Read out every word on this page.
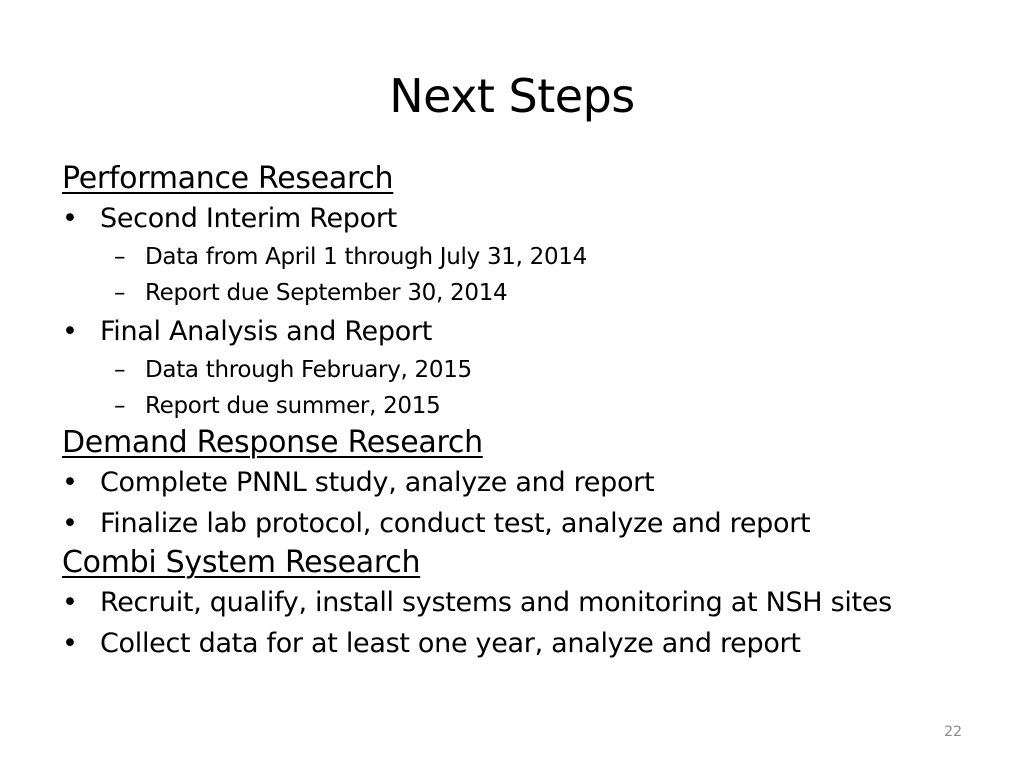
Next Steps
Performance Research
• Second Interim Report
– Data from April 1 through July 31, 2014
– Report due September 30, 2014
• Final Analysis and Report
– Data through February, 2015
– Report due summer, 2015
Demand Response Research
• Complete PNNL study, analyze and report
• Finalize lab protocol, conduct test, analyze and report
Combi System Research
• Recruit, qualify, install systems and monitoring at NSH sites
• Collect data for at least one year, analyze and report
22
